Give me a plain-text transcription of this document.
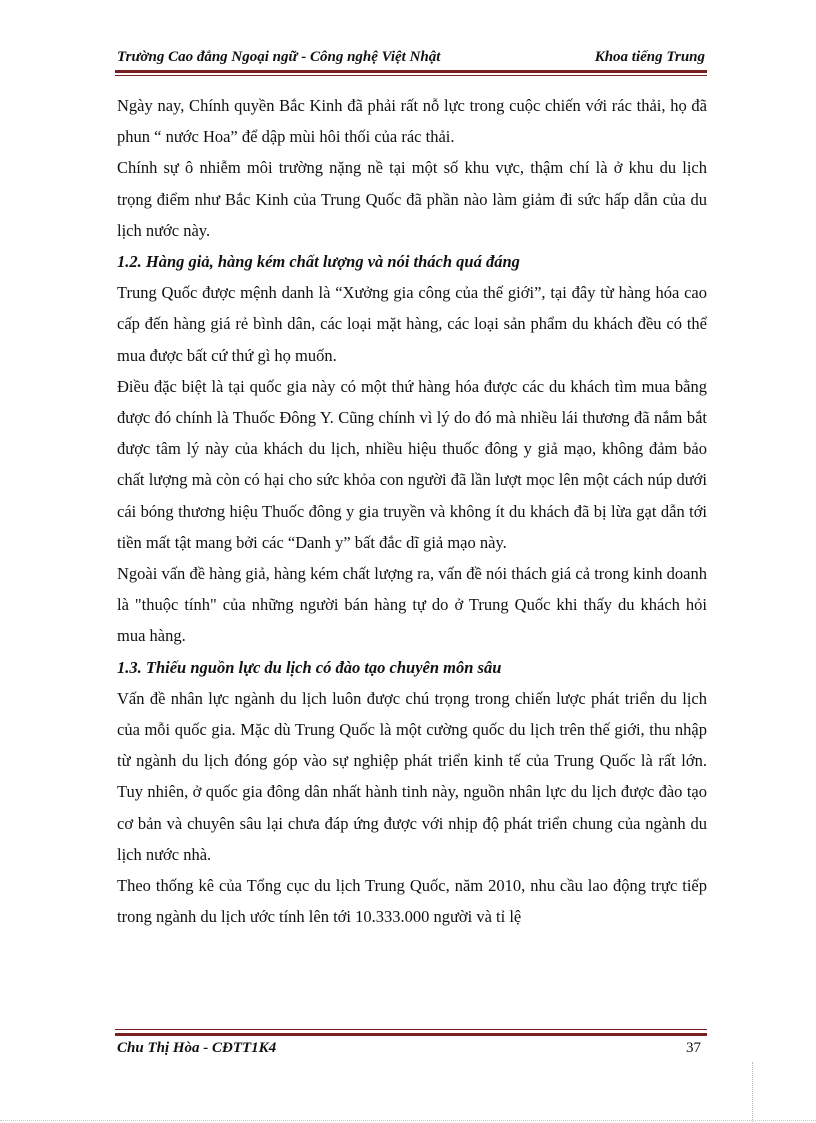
Trường Cao đẳng Ngoại ngữ - Công nghệ Việt Nhật	Khoa tiếng Trung

Ngày nay, Chính quyền Bắc Kinh đã phải rất nỗ lực trong cuộc chiến với rác thải, họ đã phun “ nước Hoa” để dập mùi hôi thối của rác thải.

Chính sự ô nhiễm môi trường nặng nề tại một số khu vực, thậm chí là ở khu du lịch trọng điểm như Bắc Kinh của Trung Quốc đã phần nào làm giảm đi sức hấp dẫn của du lịch nước này.

1.2. Hàng giả, hàng kém chất lượng và nói thách quá đáng

Trung Quốc được mệnh danh là “Xưởng gia công của thế giới”, tại đây từ hàng hóa cao cấp đến hàng giá rẻ bình dân, các loại mặt hàng, các loại sản phẩm du khách đều có thể mua được bất cứ thứ gì họ muốn.

Điều đặc biệt là tại quốc gia này có một thứ hàng hóa được các du khách tìm mua bằng được đó chính là Thuốc Đông Y. Cũng chính vì lý do đó mà nhiều lái thương đã nắm bắt được tâm lý này của khách du lịch, nhiều hiệu thuốc đông y giả mạo, không đảm bảo chất lượng mà còn có hại cho sức khỏa con người đã lần lượt mọc lên một cách núp dưới cái bóng thương hiệu Thuốc đông y gia truyền và không ít du khách đã bị lừa gạt dẫn tới tiền mất tật mang bởi các “Danh y” bất đắc dĩ giả mạo này.

Ngoài vấn đề hàng giả, hàng kém chất lượng ra, vấn đề nói thách giá cả trong kinh doanh là "thuộc tính" của những người bán hàng tự do ở Trung Quốc khi thấy du khách hỏi mua hàng.

1.3. Thiếu nguồn lực du lịch có đào tạo chuyên môn sâu

Vấn đề nhân lực ngành du lịch luôn được chú trọng trong chiến lược phát triển du lịch của mỗi quốc gia. Mặc dù Trung Quốc là một cường quốc du lịch trên thế giới, thu nhập từ ngành du lịch đóng góp vào sự nghiệp phát triển kinh tế của Trung Quốc là rất lớn. Tuy nhiên, ở quốc gia đông dân nhất hành tinh này, nguồn nhân lực du lịch được đào tạo cơ bản và chuyên sâu lại chưa đáp ứng được với nhịp độ phát triển chung của ngành du lịch nước nhà.

Theo thống kê của Tổng cục du lịch Trung Quốc, năm 2010, nhu cầu lao động trực tiếp trong ngành du lịch ước tính lên tới 10.333.000 người và tỉ lệ

Chu Thị Hòa - CĐTT1K4	37
